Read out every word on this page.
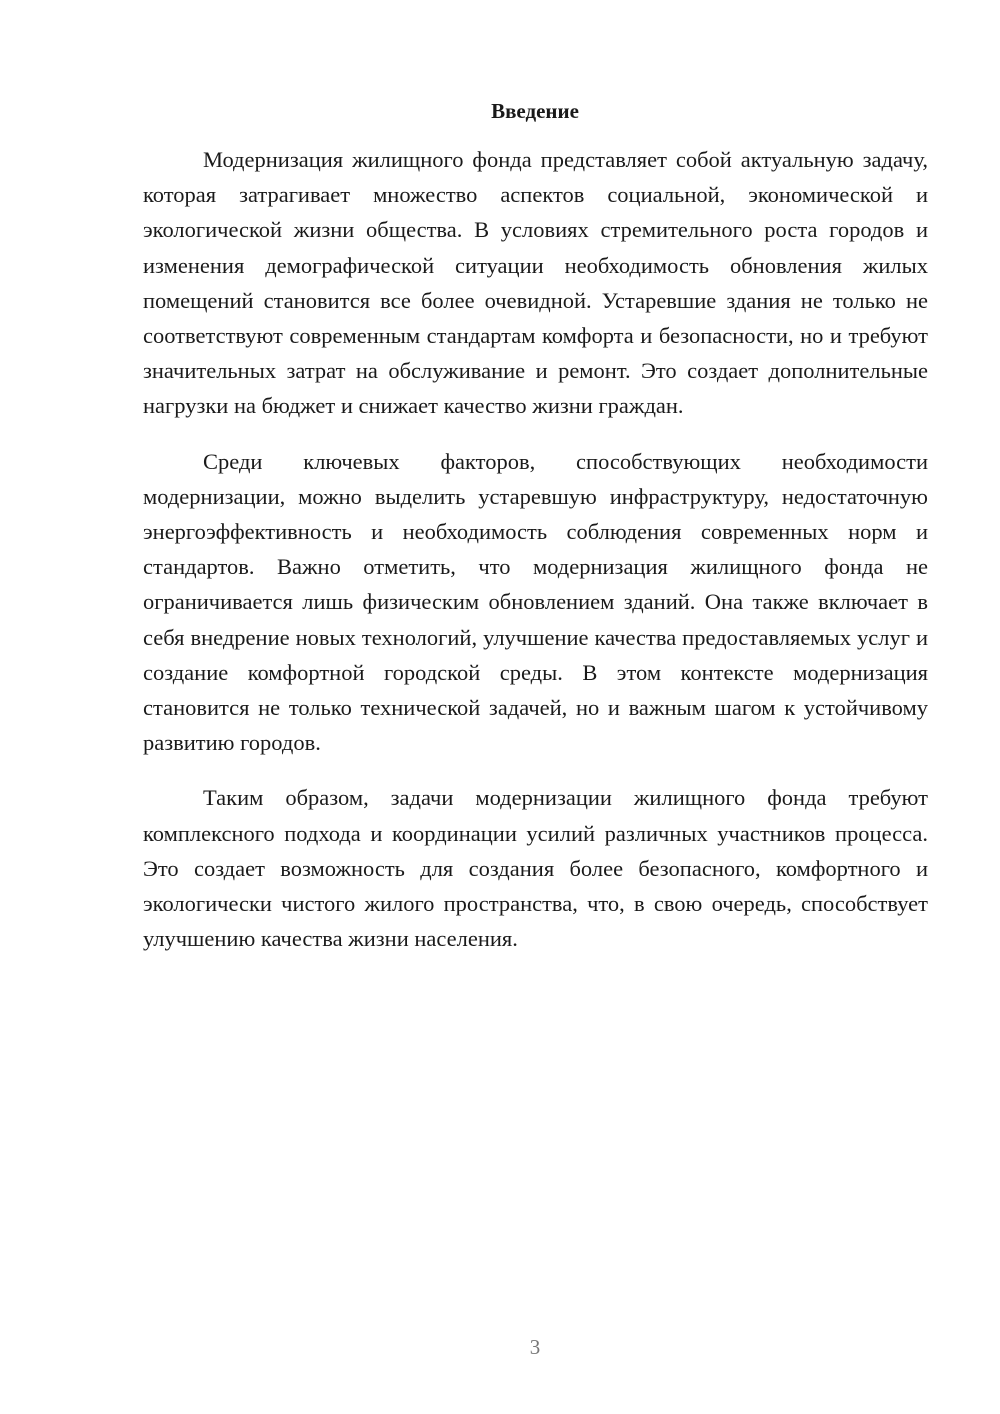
Введение

Модернизация жилищного фонда представляет собой актуальную задачу, которая затрагивает множество аспектов социальной, экономической и экологической жизни общества. В условиях стремительного роста городов и изменения демографической ситуации необходимость обновления жилых помещений становится все более очевидной. Устаревшие здания не только не соответствуют современным стандартам комфорта и безопасности, но и требуют значительных затрат на обслуживание и ремонт. Это создает дополнительные нагрузки на бюджет и снижает качество жизни граждан.

Среди ключевых факторов, способствующих необходимости модернизации, можно выделить устаревшую инфраструктуру, недостаточную энергоэффективность и необходимость соблюдения современных норм и стандартов. Важно отметить, что модернизация жилищного фонда не ограничивается лишь физическим обновлением зданий. Она также включает в себя внедрение новых технологий, улучшение качества предоставляемых услуг и создание комфортной городской среды. В этом контексте модернизация становится не только технической задачей, но и важным шагом к устойчивому развитию городов.

Таким образом, задачи модернизации жилищного фонда требуют комплексного подхода и координации усилий различных участников процесса. Это создает возможность для создания более безопасного, комфортного и экологически чистого жилого пространства, что, в свою очередь, способствует улучшению качества жизни населения.

3
